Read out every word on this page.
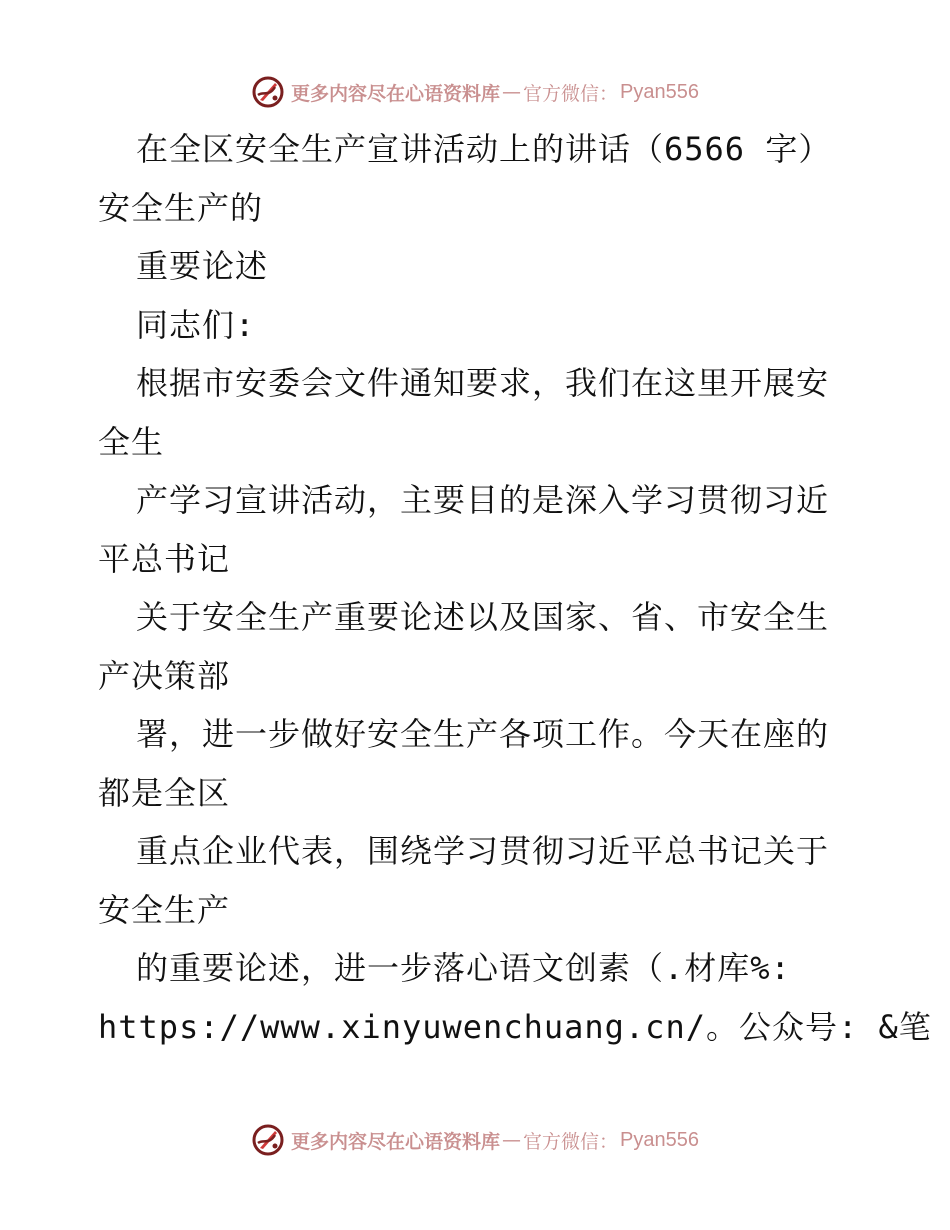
更多内容尽在心语资料库 — 官方微信： Pyan556
在全区安全生产宣讲活动上的讲话（6566 字）
安全生产的
重要论述
同志们:
根据市安委会文件通知要求，我们在这里开展安
全生
产学习宣讲活动，主要目的是深入学习贯彻习近
平总书记
关于安全生产重要论述以及国家、省、市安全生
产决策部
署，进一步做好安全生产各项工作。今天在座的
都是全区
重点企业代表，围绕学习贯彻习近平总书记关于
安全生产
的重要论述，进一步落心语文创素（.材库%:
https://www.xinyuwenchuang.cn/。公众号: &笔
更多内容尽在心语资料库 — 官方微信： Pyan556
